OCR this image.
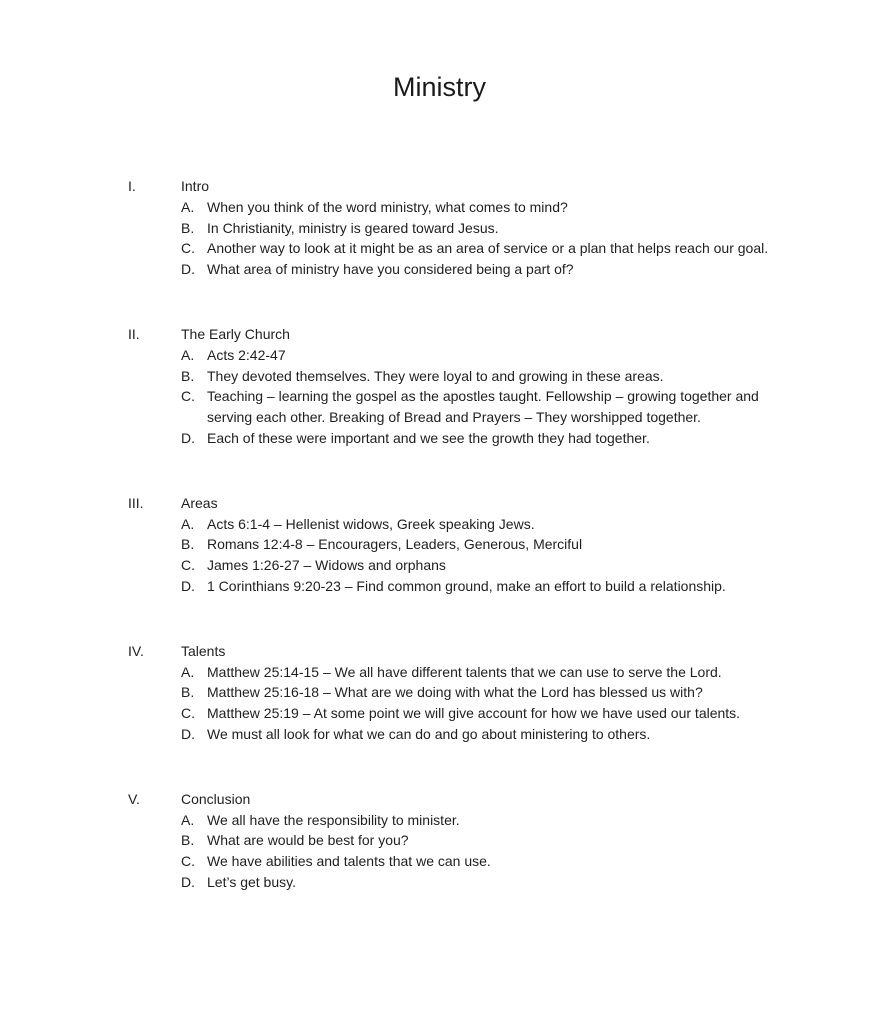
Ministry
I.	Intro
A. When you think of the word ministry, what comes to mind?
B. In Christianity, ministry is geared toward Jesus.
C. Another way to look at it might be as an area of service or a plan that helps reach our goal.
D. What area of ministry have you considered being a part of?
II.	The Early Church
A. Acts 2:42-47
B. They devoted themselves. They were loyal to and growing in these areas.
C. Teaching – learning the gospel as the apostles taught. Fellowship – growing together and serving each other. Breaking of Bread and Prayers – They worshipped together.
D. Each of these were important and we see the growth they had together.
III.	Areas
A. Acts 6:1-4 – Hellenist widows, Greek speaking Jews.
B. Romans 12:4-8 – Encouragers, Leaders, Generous, Merciful
C. James 1:26-27 – Widows and orphans
D. 1 Corinthians 9:20-23 – Find common ground, make an effort to build a relationship.
IV.	Talents
A. Matthew 25:14-15 – We all have different talents that we can use to serve the Lord.
B. Matthew 25:16-18 – What are we doing with what the Lord has blessed us with?
C. Matthew 25:19 – At some point we will give account for how we have used our talents.
D. We must all look for what we can do and go about ministering to others.
V.	Conclusion
A. We all have the responsibility to minister.
B. What are would be best for you?
C. We have abilities and talents that we can use.
D. Let’s get busy.
